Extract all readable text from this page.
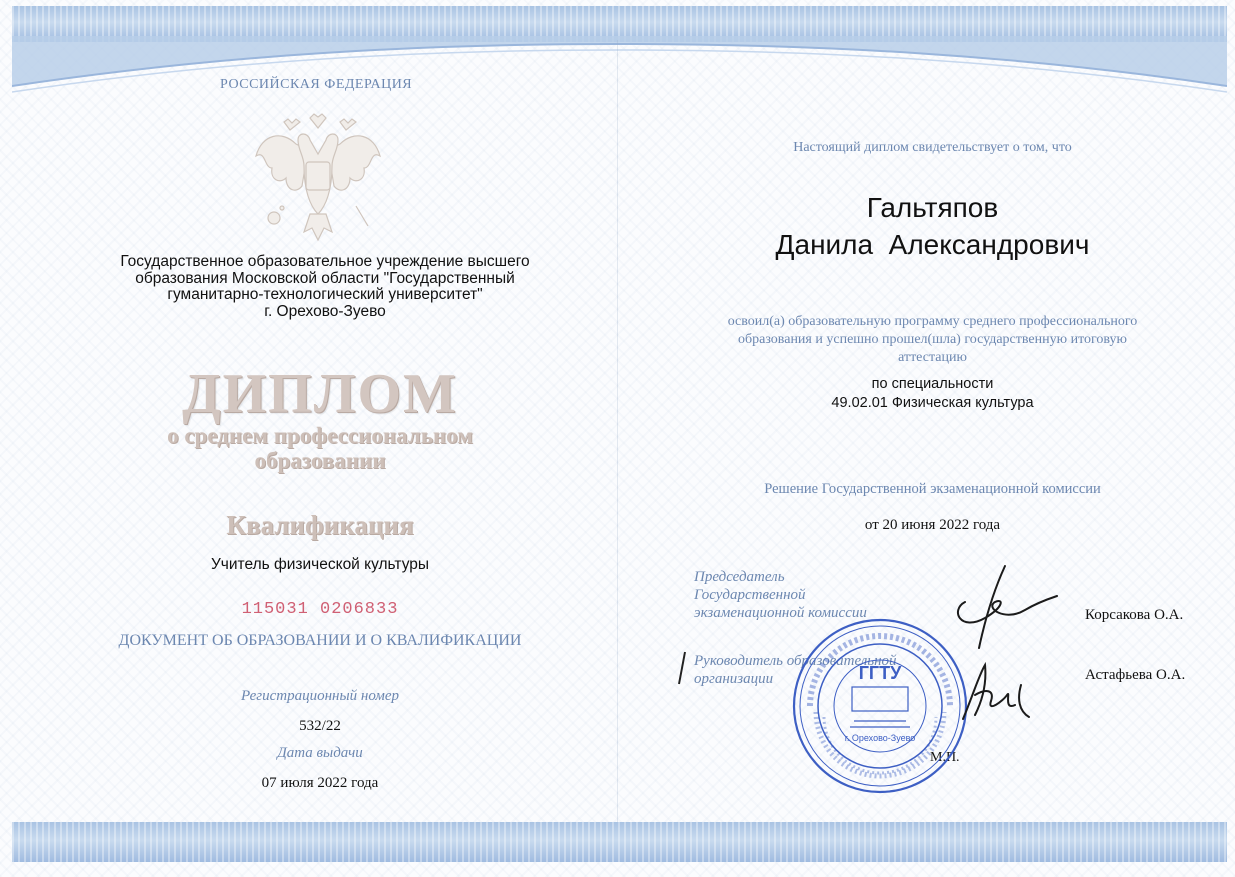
РОССИЙСКАЯ ФЕДЕРАЦИЯ
Государственное образовательное учреждение высшего
образования Московской области "Государственный
гуманитарно-технологический университет"
г. Орехово-Зуево
ДИПЛОМ
о среднем профессиональном
образовании
Квалификация
Учитель физической культуры
115031 0206833
ДОКУМЕНТ ОБ ОБРАЗОВАНИИ И О КВАЛИФИКАЦИИ
Регистрационный номер
532/22
Дата выдачи
07 июля 2022 года
Настоящий диплом свидетельствует о том, что
Гальтяпов
Данила  Александрович
освоил(а) образовательную программу среднего профессионального
образования и успешно прошел(шла) государственную итоговую
аттестацию
по специальности
49.02.01 Физическая культура
Решение Государственной экзаменационной комиссии
от 20 июня 2022 года
Председатель
Государственной
экзаменационной комиссии	Корсакова О.А.
Руководитель образовательной
организации	Астафьева О.А.
М.П.
ГГТУ
г. Орехово-Зуево
